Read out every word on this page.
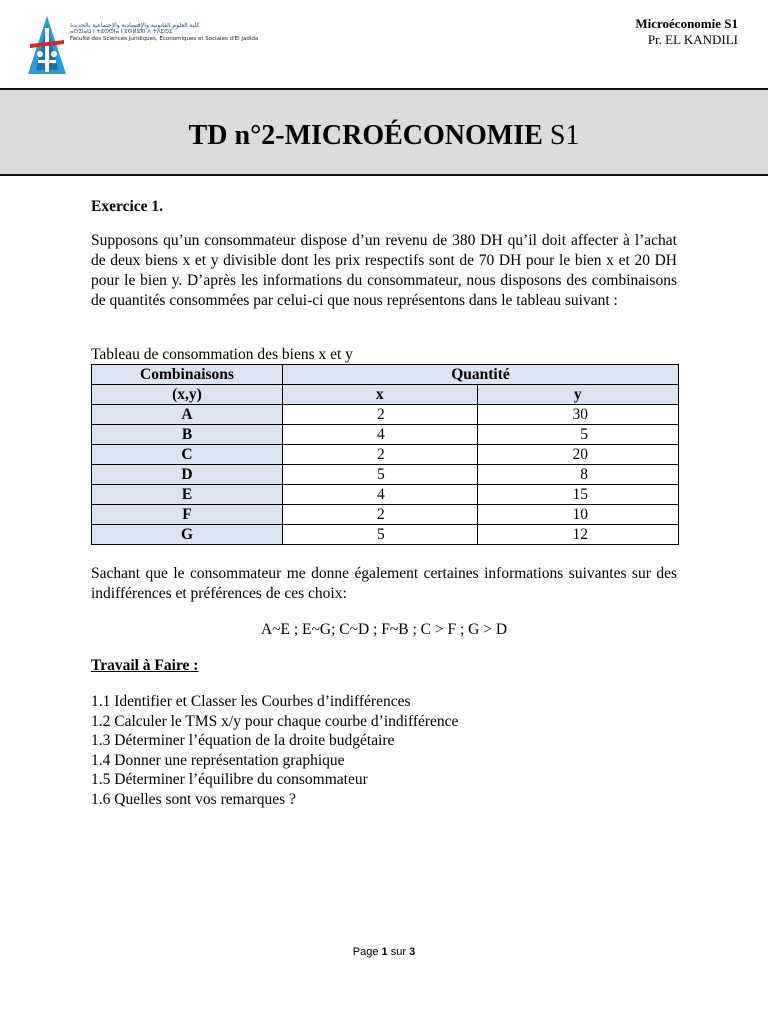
كلية العلوم القانونية والإقتصادية والإجتماعية بالجديدة
ⴰⵙⵉⵏⴰⵡ ⵏ ⵜⵓⵙⵙⵏⴰ ⵏ ⵓⵙⵍⵓⴳⵏ ⴷ ⵜⴷⵎⵙⵉ
Faculté des Sciences Juridiques, Economiques et Sociales d'El Jadida
Microéconomie S1
Pr. EL KANDILI
TD n°2-MICROÉCONOMIE S1
Exercice 1.
Supposons qu’un consommateur dispose d’un revenu de 380 DH qu’il doit affecter à l’achat de deux biens x et y divisible dont les prix respectifs sont de 70 DH pour le bien x et 20 DH pour le bien y. D’après les informations du consommateur, nous disposons des combinaisons de quantités consommées par celui-ci que nous représentons dans le tableau suivant :
Tableau de consommation des biens x et y
Combinaisons	Quantité	
(x,y)	x	y
A	2	30
B	4	5
C	2	20
D	5	8
E	4	15
F	2	10
G	5	12
Sachant que le consommateur me donne également certaines informations suivantes sur des indifférences et préférences de ces choix:
A~E ; E~G; C~D ; F~B ; C > F ; G > D
Travail à Faire :
1.1 Identifier et Classer les Courbes d’indifférences
1.2 Calculer le TMS x/y pour chaque courbe d’indifférence
1.3 Déterminer l’équation de la droite budgétaire
1.4 Donner une représentation graphique
1.5 Déterminer l’équilibre du consommateur
1.6 Quelles sont vos remarques ?
Page 1 sur 3
